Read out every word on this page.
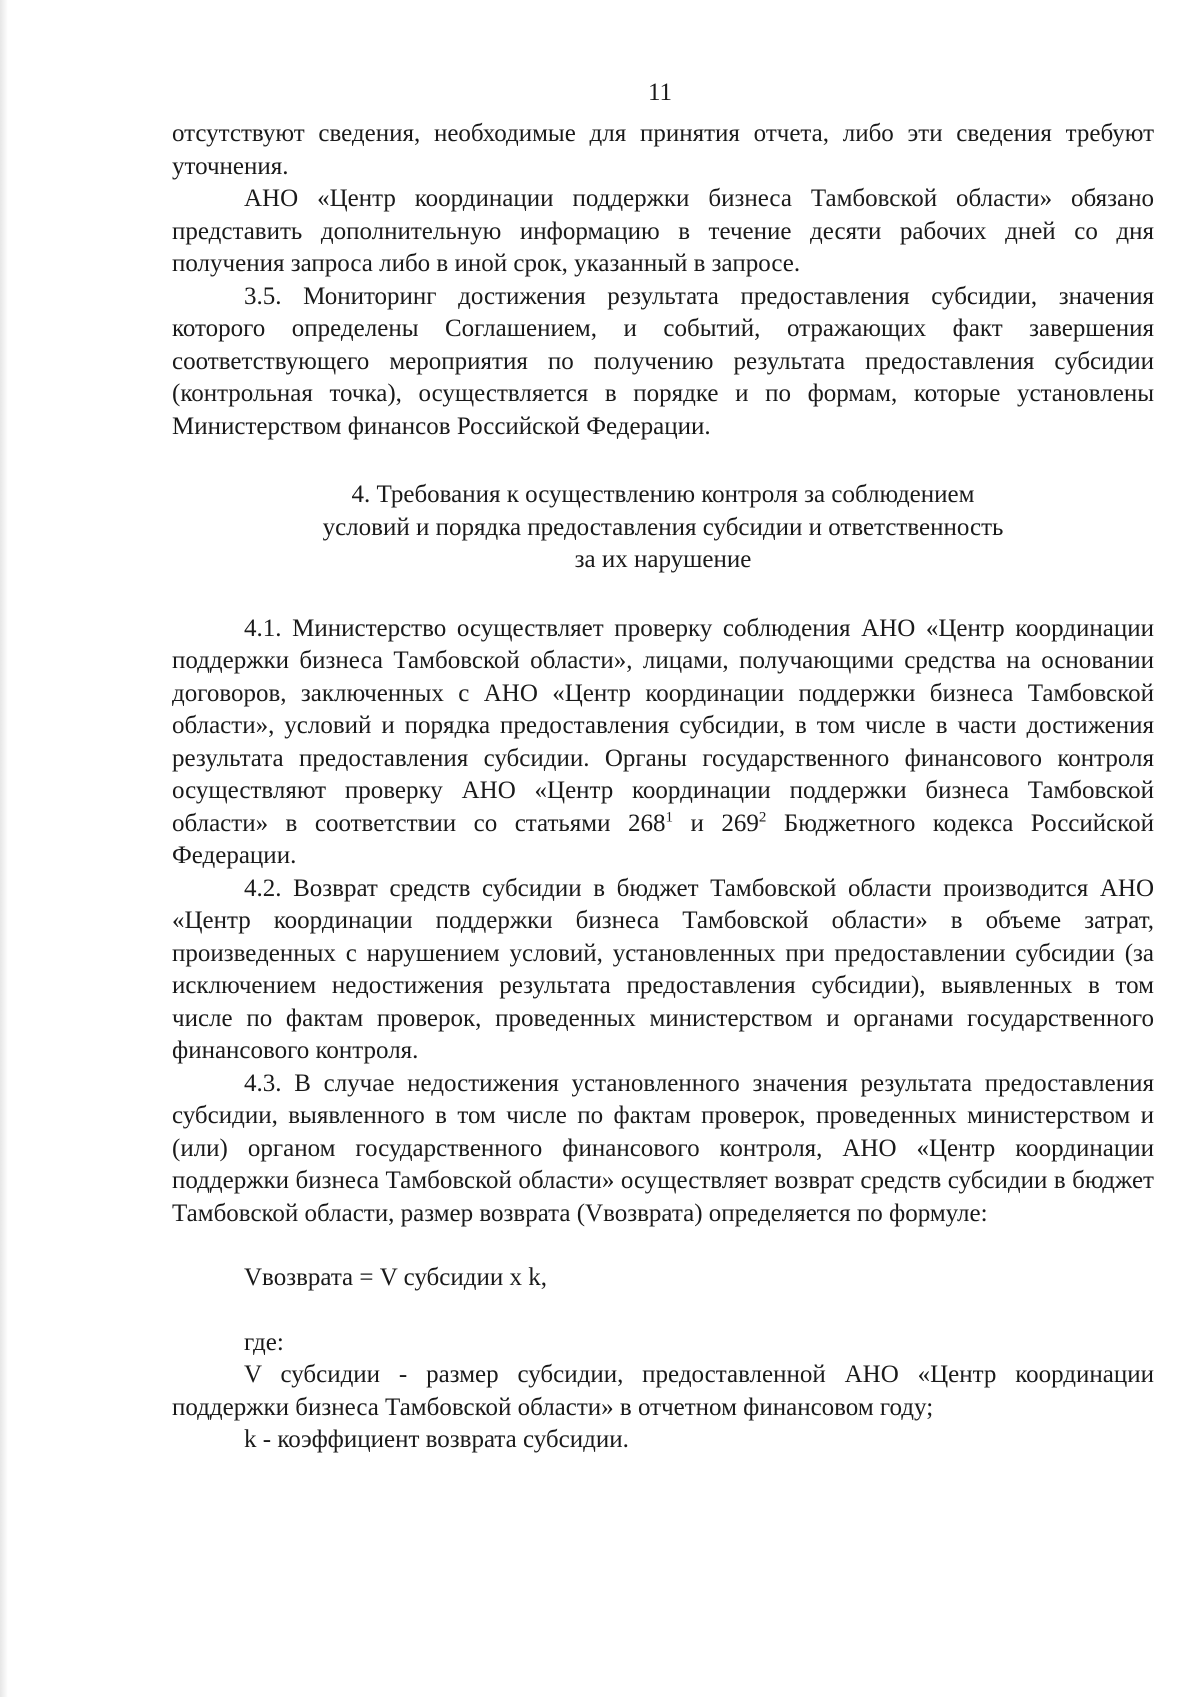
11

отсутствуют сведения, необходимые для принятия отчета, либо эти сведения требуют уточнения.

АНО «Центр координации поддержки бизнеса Тамбовской области» обязано представить дополнительную информацию в течение десяти рабочих дней со дня получения запроса либо в иной срок, указанный в запросе.

3.5. Мониторинг достижения результата предоставления субсидии, значения которого определены Соглашением, и событий, отражающих факт завершения соответствующего мероприятия по получению результата предоставления субсидии (контрольная точка), осуществляется в порядке и по формам, которые установлены Министерством финансов Российской Федерации.

4. Требования к осуществлению контроля за соблюдением
условий и порядка предоставления субсидии и ответственность
за их нарушение

4.1. Министерство осуществляет проверку соблюдения АНО «Центр координации поддержки бизнеса Тамбовской области», лицами, получающими средства на основании договоров, заключенных с АНО «Центр координации поддержки бизнеса Тамбовской области», условий и порядка предоставления субсидии, в том числе в части достижения результата предоставления субсидии. Органы государственного финансового контроля осуществляют проверку АНО «Центр координации поддержки бизнеса Тамбовской области» в соответствии со статьями $268^1$ и $269^2$ Бюджетного кодекса Российской Федерации.

4.2. Возврат средств субсидии в бюджет Тамбовской области производится АНО «Центр координации поддержки бизнеса Тамбовской области» в объеме затрат, произведенных с нарушением условий, установленных при предоставлении субсидии (за исключением недостижения результата предоставления субсидии), выявленных в том числе по фактам проверок, проведенных министерством и органами государственного финансового контроля.

4.3. В случае недостижения установленного значения результата предоставления субсидии, выявленного в том числе по фактам проверок, проведенных министерством и (или) органом государственного финансового контроля, АНО «Центр координации поддержки бизнеса Тамбовской области» осуществляет возврат средств субсидии в бюджет Тамбовской области, размер возврата (Vвозврата) определяется по формуле:

Vвозврата = V субсидии x k,

где:

V субсидии - размер субсидии, предоставленной АНО «Центр координации поддержки бизнеса Тамбовской области» в отчетном финансовом году;

k - коэффициент возврата субсидии.
